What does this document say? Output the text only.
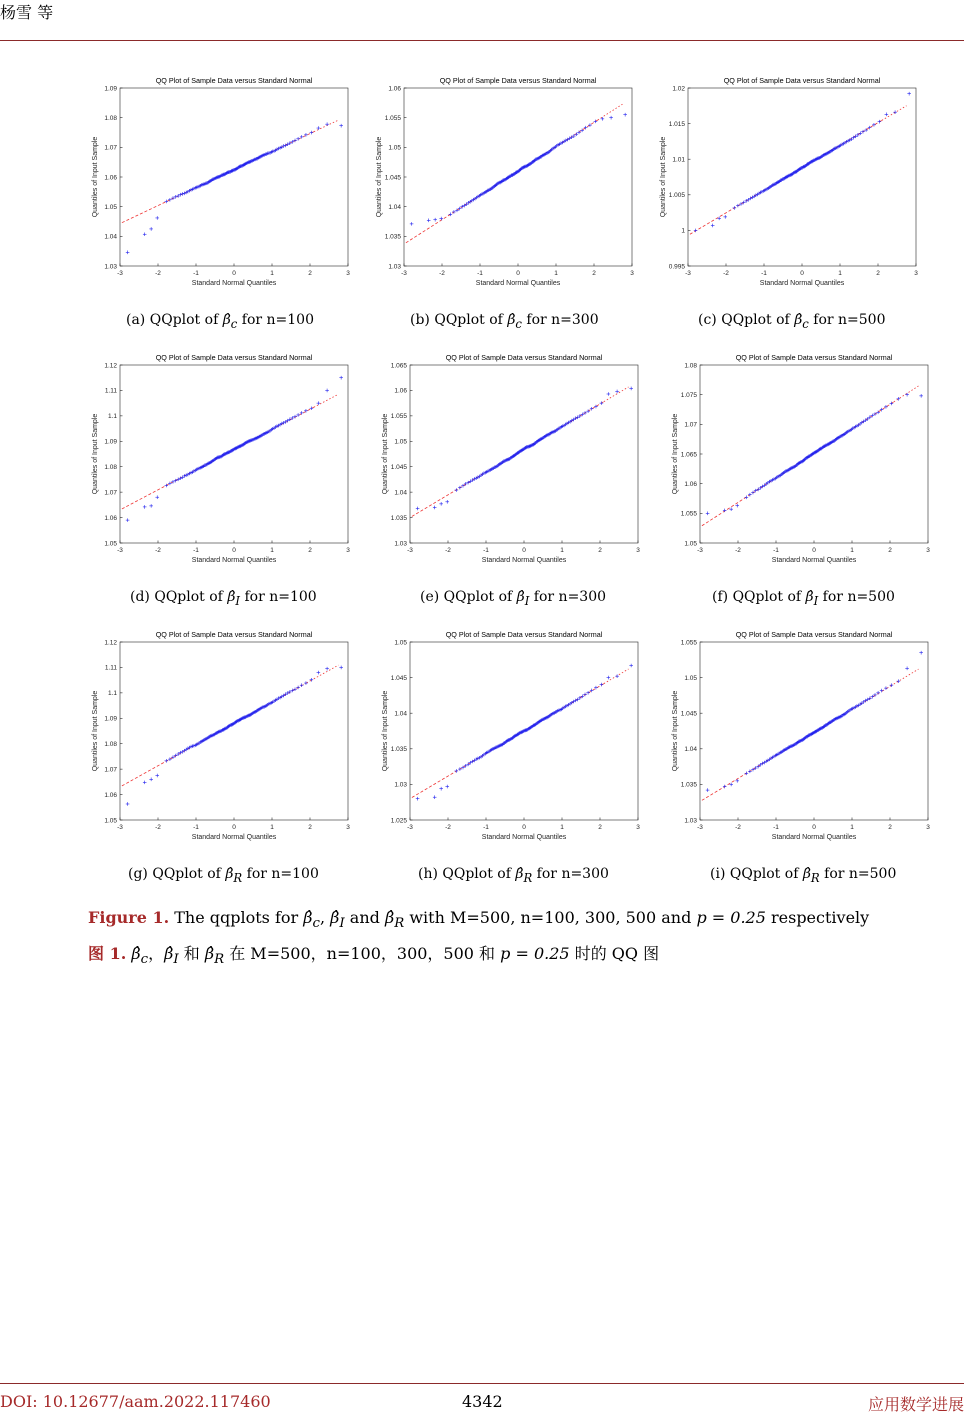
杨雪 等
QQ Plot of Sample Data versus Standard Normal
Standard Normal Quantiles
Quantiles of Input Sample
-3	-2	-1	0	1	2	3
1.03
1.04
1.05
1.06
1.07
1.08
1.09
QQ Plot of Sample Data versus Standard Normal
Standard Normal Quantiles
Quantiles of Input Sample
-3	-2	-1	0	1	2	3
1.03
1.035
1.04
1.045
1.05
1.055
1.06
QQ Plot of Sample Data versus Standard Normal
Standard Normal Quantiles
Quantiles of Input Sample
-3	-2	-1	0	1	2	3
0.995
1
1.005
1.01
1.015
1.02
QQ Plot of Sample Data versus Standard Normal
Standard Normal Quantiles
Quantiles of Input Sample
-3	-2	-1	0	1	2	3
1.05
1.06
1.07
1.08
1.09
1.1
1.11
1.12
QQ Plot of Sample Data versus Standard Normal
Standard Normal Quantiles
Quantiles of Input Sample
-3	-2	-1	0	1	2	3
1.03
1.035
1.04
1.045
1.05
1.055
1.06
1.065
QQ Plot of Sample Data versus Standard Normal
Standard Normal Quantiles
Quantiles of Input Sample
-3	-2	-1	0	1	2	3
1.05
1.055
1.06
1.065
1.07
1.075
1.08
QQ Plot of Sample Data versus Standard Normal
Standard Normal Quantiles
Quantiles of Input Sample
-3	-2	-1	0	1	2	3
1.05
1.06
1.07
1.08
1.09
1.1
1.11
1.12
QQ Plot of Sample Data versus Standard Normal
Standard Normal Quantiles
Quantiles of Input Sample
-3	-2	-1	0	1	2	3
1.025
1.03
1.035
1.04
1.045
1.05
QQ Plot of Sample Data versus Standard Normal
Standard Normal Quantiles
Quantiles of Input Sample
-3	-2	-1	0	1	2	3
1.03
1.035
1.04
1.045
1.05
1.055
(a) QQplot of $\betâ_c$ for n=100	(b) QQplot of $\betâ_c$ for n=300	(c) QQplot of $\betâ_c$ for n=500
(d) QQplot of $\betâ_I$ for n=100	(e) QQplot of $\betâ_I$ for n=300	(f) QQplot of $\betâ_I$ for n=500
(g) QQplot of $\betâ_R$ for n=100	(h) QQplot of $\betâ_R$ for n=300	(i) QQplot of $\betâ_R$ for n=500
Figure 1. The qqplots for $\betâ_c$, $\betâ_I$ and $\betâ_R$ with M=500, n=100, 300, 500 and p = 0.25 respectively
图 1. $\betâ_c$，$\betâ_I$ 和 $\betâ_R$ 在 M=500，n=100，300，500 和 p = 0.25 时的 QQ 图
DOI: 10.12677/aam.2022.117460	4342	应用数学进展
